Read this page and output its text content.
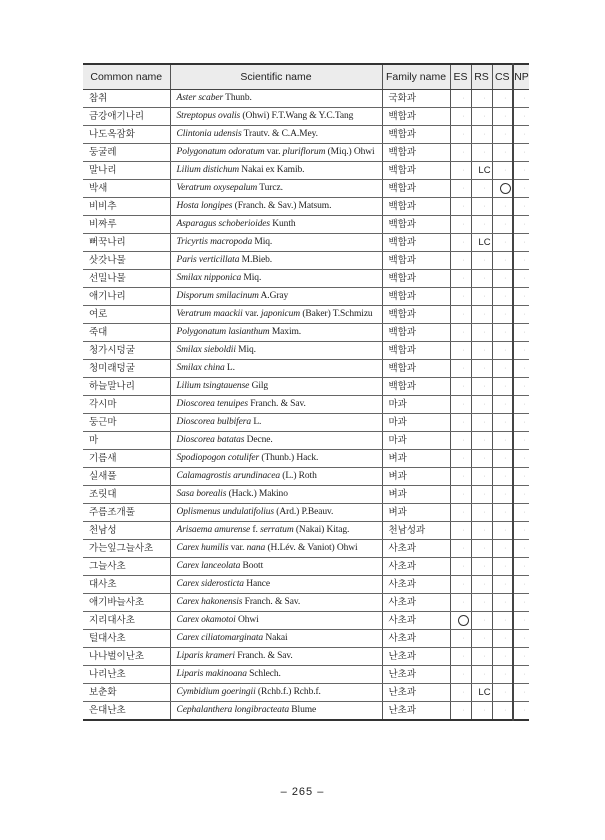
Common name	Scientific name	Family name	ES	RS	CS	NP
참취	Aster scaber Thunb.	국화과	·	·	·	·
금강애기나리	Streptopus ovalis (Ohwi) F.T.Wang & Y.C.Tang	백합과	·	·	·	·
나도옥잠화	Clintonia udensis Trautv. & C.A.Mey.	백합과	·	·	·	·
둥굴레	Polygonatum odoratum var. pluriflorum (Miq.) Ohwi	백합과	·	·	·	·
말나리	Lilium distichum Nakai ex Kamib.	백합과	·	LC	·	·
박새	Veratrum oxysepalum Turcz.	백합과	·	·		·
비비추	Hosta longipes (Franch. & Sav.) Matsum.	백합과	·	·	·	·
비짜루	Asparagus schoberioides Kunth	백합과	·	·	·	·
뻐꾹나리	Tricyrtis macropoda Miq.	백합과	·	LC	·	·
삿갓나물	Paris verticillata M.Bieb.	백합과	·	·	·	·
선밀나물	Smilax nipponica Miq.	백합과	·	·	·	·
애기나리	Disporum smilacinum A.Gray	백합과	·	·	·	·
여로	Veratrum maackii var. japonicum (Baker) T.Schmizu	백합과	·	·	·	·
죽대	Polygonatum lasianthum Maxim.	백합과	·	·	·	·
청가시덩굴	Smilax sieboldii Miq.	백합과	·	·	·	·
청미래덩굴	Smilax china L.	백합과	·	·	·	·
하늘말나리	Lilium tsingtauense Gilg	백합과	·	·	·	·
각시마	Dioscorea tenuipes Franch. & Sav.	마과	·	·	·	·
둥근마	Dioscorea bulbifera L.	마과	·	·	·	·
마	Dioscorea batatas Decne.	마과	·	·	·	·
기름새	Spodiopogon cotulifer (Thunb.) Hack.	벼과	·	·	·	·
실새풀	Calamagrostis arundinacea (L.) Roth	벼과	·	·	·	·
조릿대	Sasa borealis (Hack.) Makino	벼과	·	·	·	·
주름조개풀	Oplismenus undulatifolius (Ard.) P.Beauv.	벼과	·	·	·	·
천남성	Arisaema amurense f. serratum (Nakai) Kitag.	천남성과	·	·	·	·
가는잎그늘사초	Carex humilis var. nana (H.Lév. & Vaniot) Ohwi	사초과	·	·	·	·
그늘사초	Carex lanceolata Boott	사초과	·	·	·	·
대사초	Carex siderosticta Hance	사초과	·	·	·	·
애기바늘사초	Carex hakonensis Franch. & Sav.	사초과	·	·	·	·
지리대사초	Carex okamotoi Ohwi	사초과		·	·	·
털대사초	Carex ciliatomarginata Nakai	사초과	·	·	·	·
나나벌이난초	Liparis krameri Franch. & Sav.	난초과	·	·	·	·
나리난초	Liparis makinoana Schlech.	난초과	·	·	·	·
보춘화	Cymbidium goeringii (Rchb.f.) Rchb.f.	난초과	·	LC	·	·
은대난초	Cephalanthera longibracteata Blume	난초과	·	·	·	·
– 265 –
